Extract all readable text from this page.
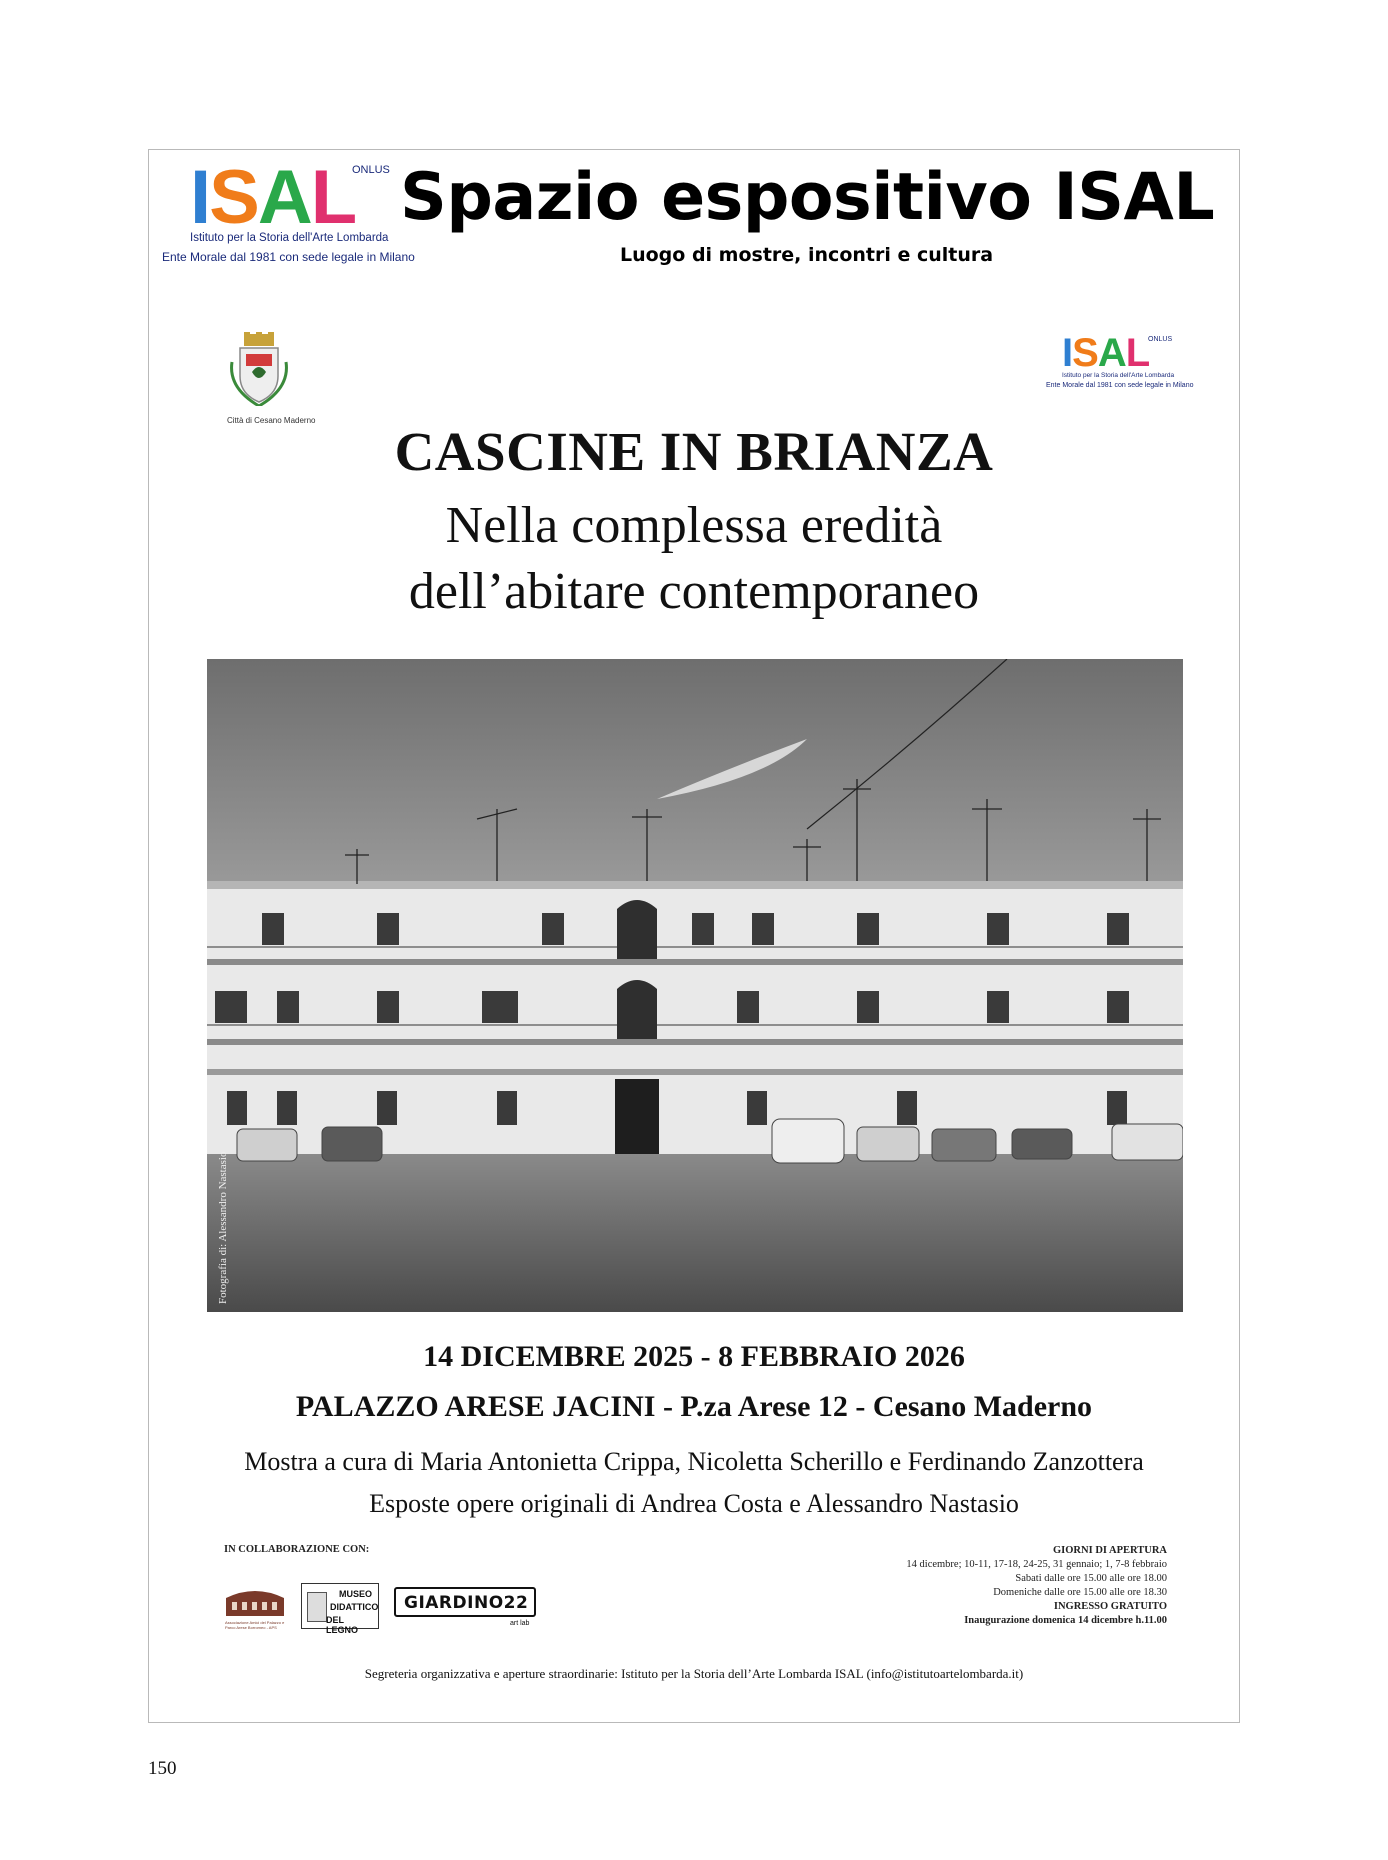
ISAL
ONLUS
Istituto per la Storia dell'Arte Lombarda
Ente Morale dal 1981 con sede legale in Milano
Spazio espositivo ISAL
Luogo di mostre, incontri e cultura
Città di Cesano Maderno
ISAL
ONLUS
Istituto per la Storia dell'Arte Lombarda
Ente Morale dal 1981 con sede legale in Milano
CASCINE IN BRIANZA
Nella complessa eredità
dell’abitare contemporaneo
Fotografia di: Alessandro Nastasio
14 DICEMBRE 2025 - 8 FEBBRAIO 2026
PALAZZO ARESE JACINI - P.za Arese 12 - Cesano Maderno
Mostra a cura di Maria Antonietta Crippa, Nicoletta Scherillo e Ferdinando Zanzottera
Esposte opere originali di Andrea Costa e Alessandro Nastasio
IN COLLABORAZIONE CON:
Associazione Amici del Palazzo e Parco Arese Borromeo - APS
MUSEO
DIDATTICO
DEL LEGNO
GIARDINO22
art lab
GIORNI DI APERTURA
14 dicembre; 10-11, 17-18, 24-25, 31 gennaio; 1, 7-8 febbraio
Sabati dalle ore 15.00 alle ore 18.00
Domeniche dalle ore 15.00 alle ore 18.30
INGRESSO GRATUITO
Inaugurazione domenica 14 dicembre h.11.00
Segreteria organizzativa e aperture straordinarie: Istituto per la Storia dell’Arte Lombarda ISAL (info@istitutoartelombarda.it)
150
